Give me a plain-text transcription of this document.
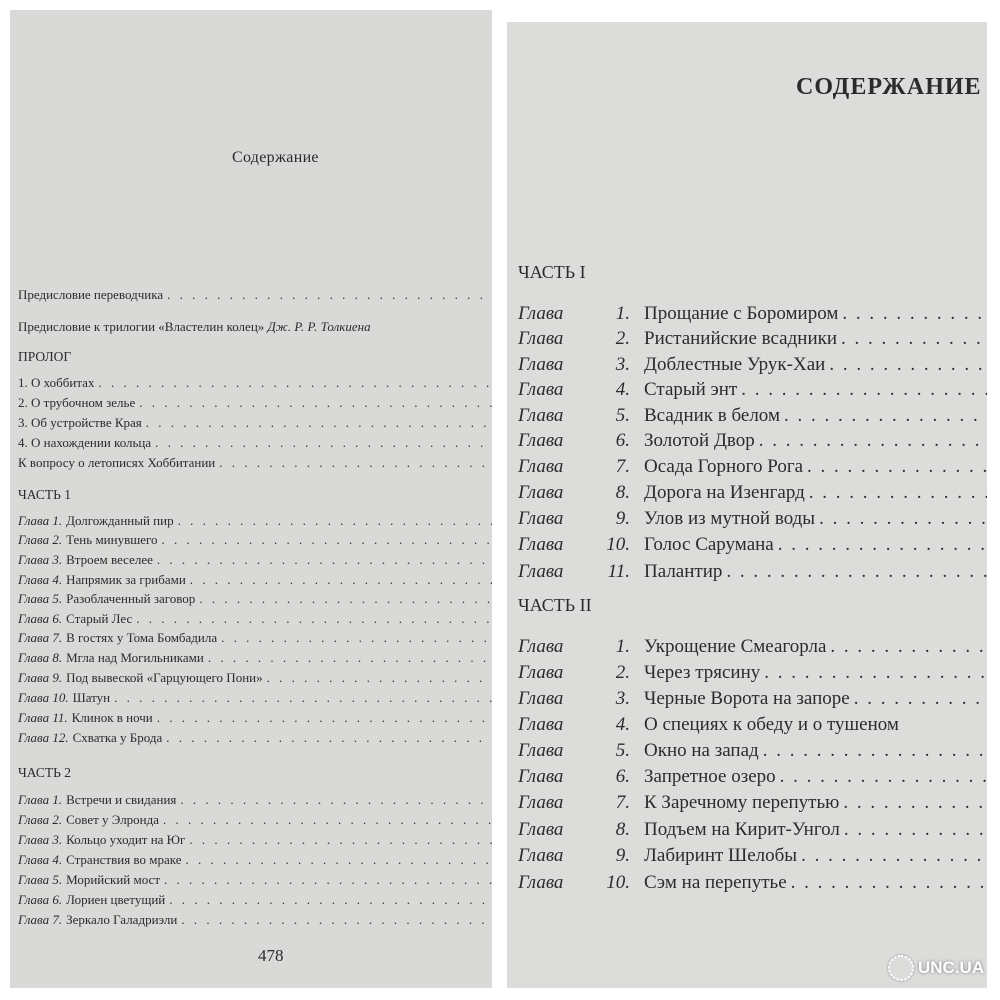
Содержание
Предисловие переводчика
. . .
Предисловие к трилогии «Властелин колец» Дж. Р. Р. Толкиена
ПРОЛОГ
1. О хоббитах
. . .
2. О трубочном зелье
. . .
3. Об устройстве Края
. . .
4. О нахождении кольца
. . .
К вопросу о летописях Хоббитании
. . .
ЧАСТЬ 1
Глава 1. Долгожданный пир
. . .
Глава 2. Тень минувшего
. . .
Глава 3. Втроем веселее
. . .
Глава 4. Напрямик за грибами
. . .
Глава 5. Разоблаченный заговор
. . .
Глава 6. Старый Лес
. . .
Глава 7. В гостях у Тома Бомбадила
. . .
Глава 8. Мгла над Могильниками
. . .
Глава 9. Под вывеской «Гарцующего Пони»
. . .
Глава 10. Шатун
. . .
Глава 11. Клинок в ночи
. . .
Глава 12. Схватка у Брода
. . .
ЧАСТЬ 2
Глава 1. Встречи и свидания
. . .
Глава 2. Совет у Элронда
. . .
Глава 3. Кольцо уходит на Юг
. . .
Глава 4. Странствия во мраке
. . .
Глава 5. Морийский мост
. . .
Глава 6. Лориен цветущий
. . .
Глава 7. Зеркало Галадриэли
. . .
478
СОДЕРЖАНИЕ
ЧАСТЬ I
Глава	1. Прощание с Боромиром
. . .
Глава	2. Ристанийские всадники
. . .
Глава	3. Доблестные Урук-Хаи
. . .
Глава	4. Старый энт
. . .
Глава	5. Всадник в белом
. . .
Глава	6. Золотой Двор
. . .
Глава	7. Осада Горного Рога
. . .
Глава	8. Дорога на Изенгард
. . .
Глава	9. Улов из мутной воды
. . .
Глава	10. Голос Сарумана
. . .
Глава	11. Палантир
. . .
ЧАСТЬ II
Глава	1. Укрощение Смеагорла
. . .
Глава	2. Через трясину
. . .
Глава	3. Черные Ворота на запоре
. . .
Глава	4. О специях к обеду и о тушеном
Глава	5. Окно на запад
. . .
Глава	6. Запретное озеро
. . .
Глава	7. К Заречному перепутью
. . .
Глава	8. Подъем на Кирит-Унгол
. . .
Глава	9. Лабиринт Шелобы
. . .
Глава	10. Сэм на перепутье
. . .
UNC.UA
